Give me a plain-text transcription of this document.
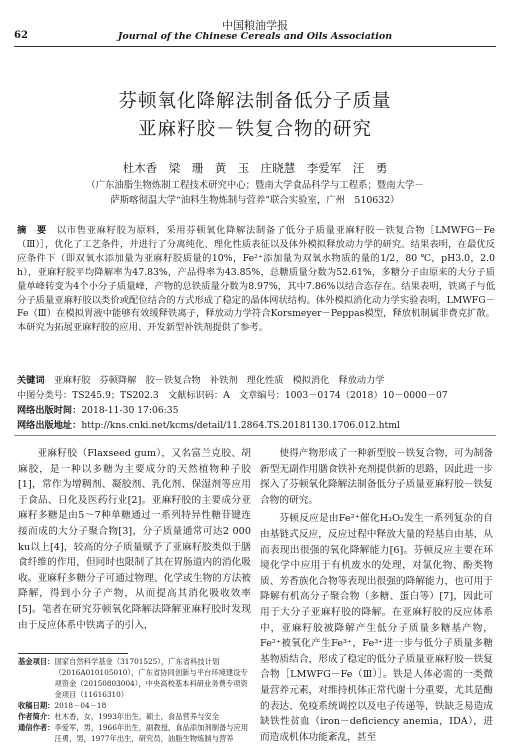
62
中国粮油学报
Journal of the Chinese Cereals and Oils Association
芬顿氧化降解法制备低分子质量
亚麻籽胶－铁复合物的研究
杜木香　梁　珊　黄　玉　庄晓慧　李爱军　汪　勇
（广东油脂生物炼制工程技术研究中心；暨南大学食品科学与工程系；暨南大学－
萨斯喀彻温大学“油料生物炼制与营养”联合实验室，广州　510632）

摘　要　 以市售亚麻籽胶为原料，采用芬顿氧化降解法制备了低分子质量亚麻籽胶－铁复合物［LMWFG－Fe（Ⅲ）］，优化了工艺条件，并进行了分离纯化、理化性质表征以及体外模拟释放动力学的研究。结果表明，在最优反应条件下（即双氧水添加量为亚麻籽胶质量的10%，Fe²⁺添加量为双氧水物质的量的1/2，80 ℃，pH3.0，2.0 h），亚麻籽胶平均降解率为47.83%，产品得率为43.85%，总糖质量分数为52.61%，多糖分子由原来的大分子质量单峰转变为4个小分子质量峰，产物的总铁质量分数为8.97%，其中7.86%以结合态存在。结果表明，铁离子与低分子质量亚麻籽胶以类价或配位结合的方式形成了稳定的晶体网状结构。体外模拟消化动力学实验表明，LMWFG－Fe（Ⅲ）在模拟胃液中能够有效缓释铁离子，释放动力学符合Korsmeyer－Peppas模型，释放机制属非费克扩散。本研究为拓展亚麻籽胶的应用、开发新型补铁剂提供了参考。

关键词　 亚麻籽胶　芬顿降解　胶－铁复合物　补铁剂　理化性质　模拟消化　释放动力学
中图分类号：TS245.9；TS202.3　文献标识码：A　文章编号：1003－0174（2018）10－0000－07
网络出版时间：2018-11-30 17:06:35
网络出版地址：http://kns.cnki.net/kcms/detail/11.2864.TS.20181130.1706.012.html

亚麻籽胶（Flaxseed gum），又名富兰克胶、胡麻胶，是一种以多糖为主要成分的天然植物种子胶[1]，常作为增稠剂、凝胶剂、乳化剂、保湿剂等应用于食品、日化及医药行业[2]。亚麻籽胶的主要成分亚麻籽多糖是由5～7种单糖通过一系列特异性糖苷键连接而成的大分子聚合物[3]，分子质量通常可达2 000 ku以上[4]，较高的分子质量赋予了亚麻籽胶类似于膳食纤维的作用，但同时也限制了其在胃肠道内的消化吸收。亚麻籽多糖分子可通过物理、化学或生物的方法被降解，得到小分子产物，从而提高其消化吸收效率[5]。笔者在研究芬顿氧化降解法降解亚麻籽胶时发现由于反应体系中铁离子的引入，

使得产物形成了一种新型胶－铁复合物，可为制备新型无副作用膳食铁补充剂提供新的思路，因此进一步探入了芬顿氧化降解法制备低分子质量亚麻籽胶－铁复合物的研究。

芬顿反应是由Fe²⁺催化H₂O₂发生一系列复杂的自由基链式反应，反应过程中释放大量的羟基自由基，从而表现出很强的氧化降解能力[6]。芬顿反应主要在环境化学中应用于有机废水的处理，对氯化物、酚类物质、芳香族化合物等表现出很强的降解能力，也可用于降解有机高分子聚合物（多糖、蛋白等）[7]，因此可用于大分子亚麻籽胶的降解。在亚麻籽胶的反应体系中，亚麻籽胶被降解产生低分子质量多糖基产物，Fe²⁺被氧化产生Fe³⁺，Fe³⁺进一步与低分子质量多糖基物质结合，形成了稳定的低分子质量亚麻籽胶－铁复合物［LMWFG－Fe（Ⅲ）］。铁是人体必需的一类微量营养元素，对维持机体正常代谢十分重要，尤其是酶的表达、免疫系统调控以及电子传递等，铁缺乏易造成缺铁性贫血（iron－deficiency anemia，IDA），进而造成机体功能紊乱，甚至

基金项目： 国家自然科学基金（31701525），广东省科技计划（2016A010105010），广东省协同创新与平台环境建设专项资金（20150803004），中央高校基本科研业务费专项资金项目（11616310）
收稿日期： 2018－04－18
作者简介： 杜木香，女，1993年出生，硕士，食品营养与安全
通信作者： 李爱军，男，1966年出生，副教授，食品添加剂制备与应用
汪勇，男，1977年出生，研究员，油脂生物炼制与营养
